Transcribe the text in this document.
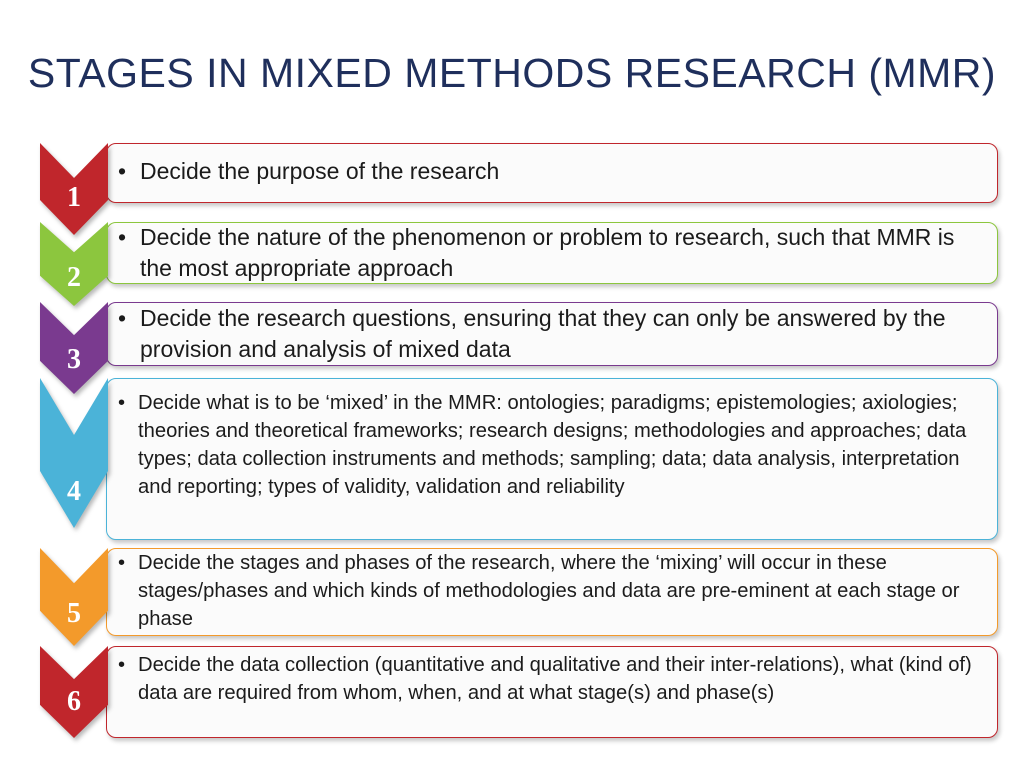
STAGES IN MIXED METHODS RESEARCH (MMR)
1
• Decide the purpose of the research
2
• Decide the nature of the phenomenon or problem to research, such that MMR is the most appropriate approach
3
• Decide the research questions, ensuring that they can only be answered by the provision and analysis of mixed data
4
• Decide what is to be ‘mixed’ in the MMR: ontologies; paradigms; epistemologies; axiologies; theories and theoretical frameworks; research designs; methodologies and approaches; data types; data collection instruments and methods; sampling; data; data analysis, interpretation and reporting; types of validity, validation and reliability
5
• Decide the stages and phases of the research, where the ‘mixing’ will occur in these stages/phases and which kinds of methodologies and data are pre-eminent at each stage or phase
6
• Decide the data collection (quantitative and qualitative and their inter-relations), what (kind of) data are required from whom, when, and at what stage(s) and phase(s)
